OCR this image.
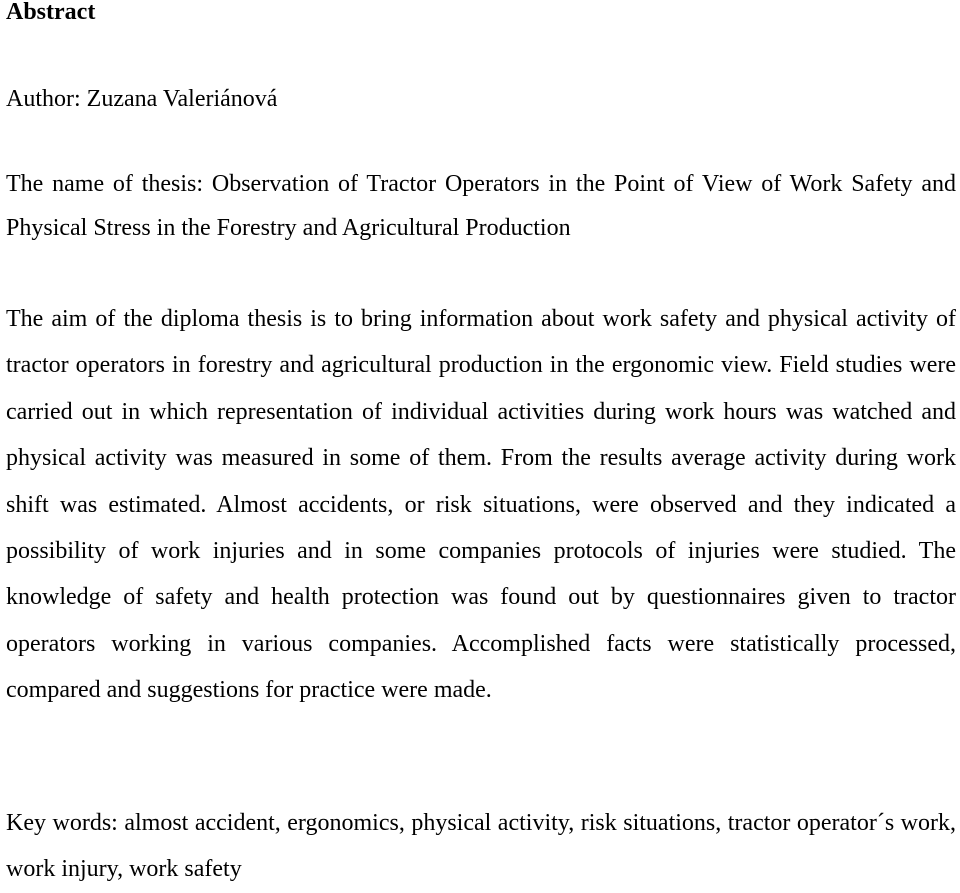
Abstract
Author: Zuzana Valeriánová
The name of thesis: Observation of Tractor Operators in the Point of View of Work Safety and Physical Stress in the Forestry and Agricultural Production
The aim of the diploma thesis is to bring information about work safety and physical activity of tractor operators in forestry and agricultural production in the ergonomic view. Field studies were carried out in which representation of individual activities during work hours was watched and physical activity was measured in some of them. From the results average activity during work shift was estimated. Almost accidents, or risk situations, were observed and they indicated a possibility of work injuries and in some companies protocols of injuries were studied. The knowledge of safety and health protection was found out by questionnaires given to tractor operators working in various companies. Accomplished facts were statistically processed, compared and suggestions for practice were made.
Key words: almost accident, ergonomics, physical activity, risk situations, tractor operator´s work, work injury, work safety
